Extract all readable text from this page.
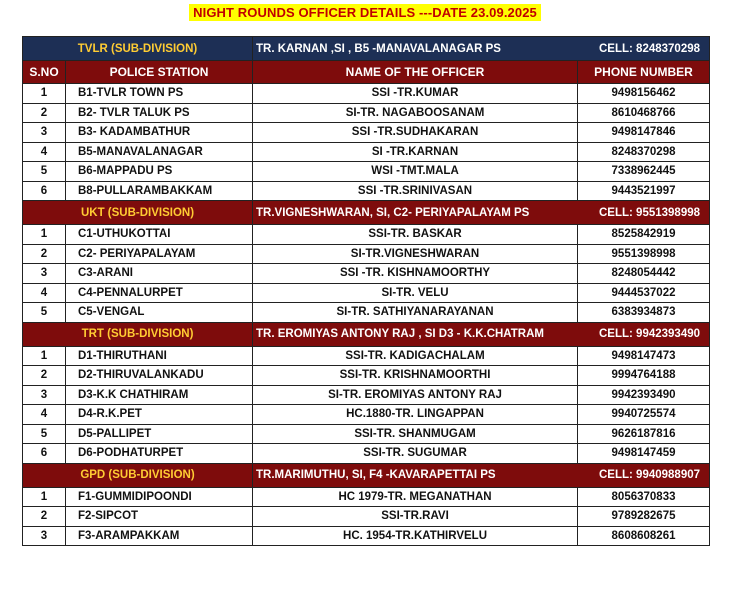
NIGHT ROUNDS OFFICER DETAILS ---DATE 23.09.2025
TVLR (SUB-DIVISION)		TR. KARNAN ,SI , B5 -MANAVALANAGAR PS CELL: 8248370298	

S.NO	POLICE STATION	NAME OF THE OFFICER	PHONE NUMBER
1	B1-TVLR TOWN PS	SSI -TR.KUMAR	9498156462
2	B2- TVLR TALUK PS	SI-TR. NAGABOOSANAM	8610468766
3	B3- KADAMBATHUR	SSI -TR.SUDHAKARAN	9498147846
4	B5-MANAVALANAGAR	SI -TR.KARNAN	8248370298
5	B6-MAPPADU PS	WSI -TMT.MALA	7338962445
6	B8-PULLARAMBAKKAM	SSI -TR.SRINIVASAN	9443521997
UKT (SUB-DIVISION)		TR.VIGNESHWARAN, SI, C2- PERIYAPALAYAM PS CELL: 9551398998	

1	C1-UTHUKOTTAI	SSI-TR. BASKAR	8525842919
2	C2- PERIYAPALAYAM	SI-TR.VIGNESHWARAN	9551398998
3	C3-ARANI	SSI -TR. KISHNAMOORTHY	8248054442
4	C4-PENNALURPET	SI-TR. VELU	9444537022
5	C5-VENGAL	SI-TR. SATHIYANARAYANAN	6383934873
TRT (SUB-DIVISION)		TR. EROMIYAS ANTONY RAJ , SI D3 - K.K.CHATRAM CELL: 9942393490	

1	D1-THIRUTHANI	SSI-TR. KADIGACHALAM	9498147473
2	D2-THIRUVALANKADU	SSI-TR. KRISHNAMOORTHI	9994764188
3	D3-K.K CHATHIRAM	SI-TR. EROMIYAS ANTONY RAJ	9942393490
4	D4-R.K.PET	HC.1880-TR. LINGAPPAN	9940725574
5	D5-PALLIPET	SSI-TR. SHANMUGAM	9626187816
6	D6-PODHATURPET	SSI-TR. SUGUMAR	9498147459
GPD (SUB-DIVISION)		TR.MARIMUTHU, SI, F4 -KAVARAPETTAI PS CELL: 9940988907	

1	F1-GUMMIDIPOONDI	HC 1979-TR. MEGANATHAN	8056370833
2	F2-SIPCOT	SSI-TR.RAVI	9789282675
3	F3-ARAMPAKKAM	HC. 1954-TR.KATHIRVELU	8608608261
